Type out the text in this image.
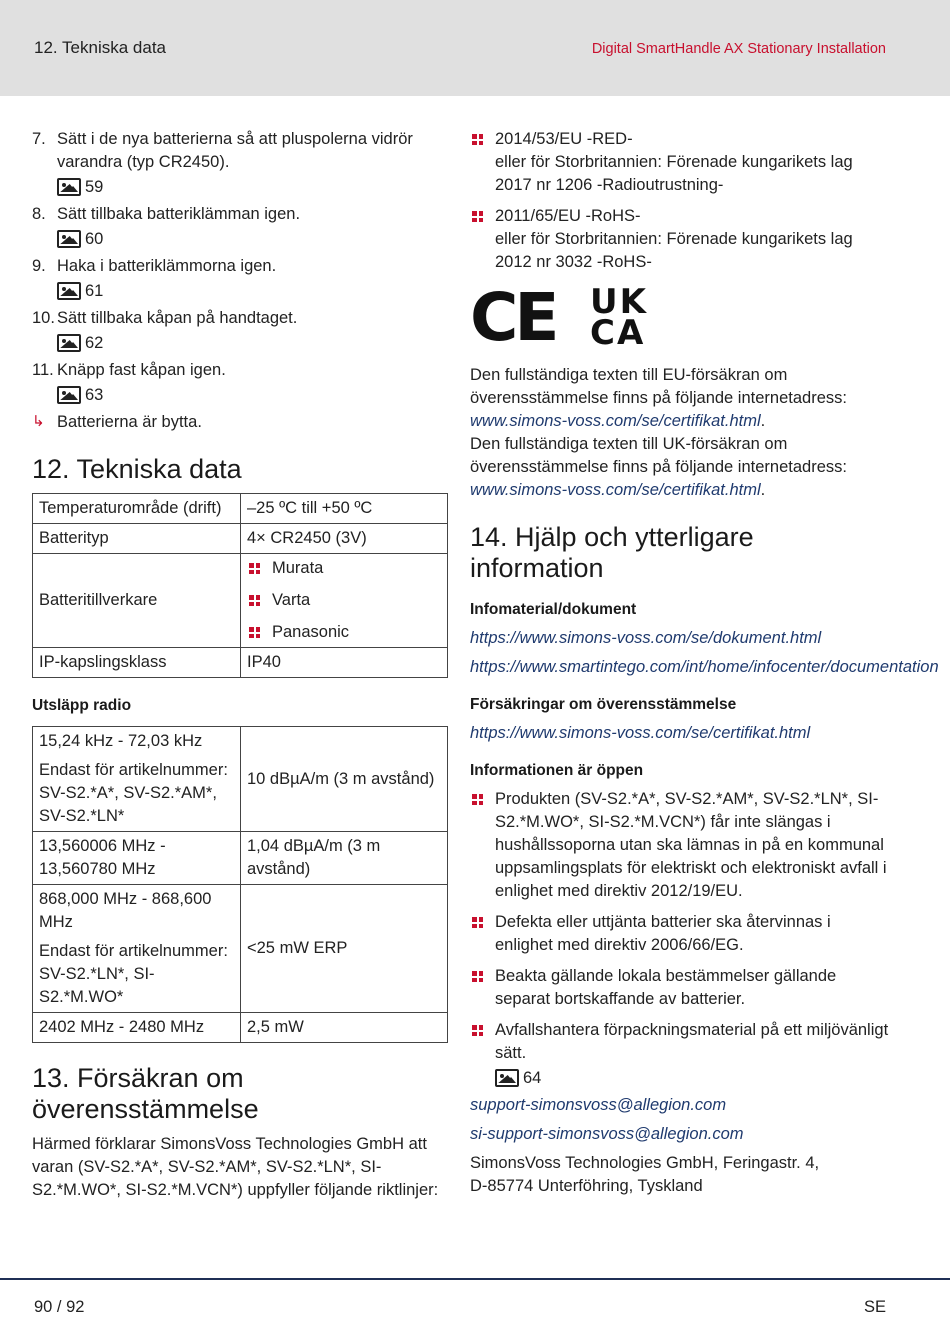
12. Tekniska data	Digital SmartHandle AX Stationary Installation
7. Sätt i de nya batterierna så att pluspolerna vidrör varandra (typ CR2450).
59
8. Sätt tillbaka batteriklämman igen.
60
9. Haka i batteriklämmorna igen.
61
10. Sätt tillbaka kåpan på handtaget.
62
11. Knäpp fast kåpan igen.
63
↳ Batterierna är bytta.
12. Tekniska data
Temperaturområde (drift)	–25 ºC till +50 ºC
Batterityp	4× CR2450 (3V)
Batteritillverkare	Murata
Varta
Panasonic

IP-kapslingsklass	IP40
Utsläpp radio
15,24 kHz - 72,03 kHz
Endast för artikelnummer: SV-S2.*A*, SV-S2.*AM*, SV-S2.*LN*	10 dBµA/m (3 m avstånd)
13,560006 MHz - 13,560780 MHz	1,04 dBµA/m (3 m avstånd)

868,000 MHz - 868,600 MHz
Endast för artikelnummer: SV-S2.*LN*, SI-S2.*M.WO*	<25 mW ERP
2402 MHz - 2480 MHz	2,5 mW
13. Försäkran om överensstämmelse
Härmed förklarar SimonsVoss Technologies GmbH att varan (SV-S2.*A*, SV-S2.*AM*, SV-S2.*LN*, SI-S2.*M.WO*, SI-S2.*M.VCN*) uppfyller följande riktlinjer:
2014/53/EU -RED-
eller för Storbritannien: Förenade kungarikets lag 2017 nr 1206 -Radioutrustning-
2011/65/EU -RoHS-
eller för Storbritannien: Förenade kungarikets lag 2012 nr 3032 -RoHS-
CE	UK
CA
Den fullständiga texten till EU-försäkran om överensstämmelse finns på följande internetadress:
www.simons-voss.com/se/certifikat.html.
Den fullständiga texten till UK-försäkran om överensstämmelse finns på följande internetadress:
www.simons-voss.com/se/certifikat.html.
14. Hjälp och ytterligare information
Infomaterial/dokument
https://www.simons-voss.com/se/dokument.html
https://www.smartintego.com/int/home/infocenter/documentation
Försäkringar om överensstämmelse
https://www.simons-voss.com/se/certifikat.html
Informationen är öppen
Produkten (SV-S2.*A*, SV-S2.*AM*, SV-S2.*LN*, SI-S2.*M.WO*, SI-S2.*M.VCN*) får inte slängas i hushållssoporna utan ska lämnas in på en kommunal uppsamlingsplats för elektriskt och elektroniskt avfall i enlighet med direktiv 2012/19/EU.
Defekta eller uttjänta batterier ska återvinnas i enlighet med direktiv 2006/66/EG.
Beakta gällande lokala bestämmelser gällande separat bortskaffande av batterier.
Avfallshantera förpackningsmaterial på ett miljövänligt sätt.
64
support-simonsvoss@allegion.com
si-support-simonsvoss@allegion.com
SimonsVoss Technologies GmbH, Feringastr. 4,
D-85774 Unterföhring, Tyskland
90 / 92	SE
